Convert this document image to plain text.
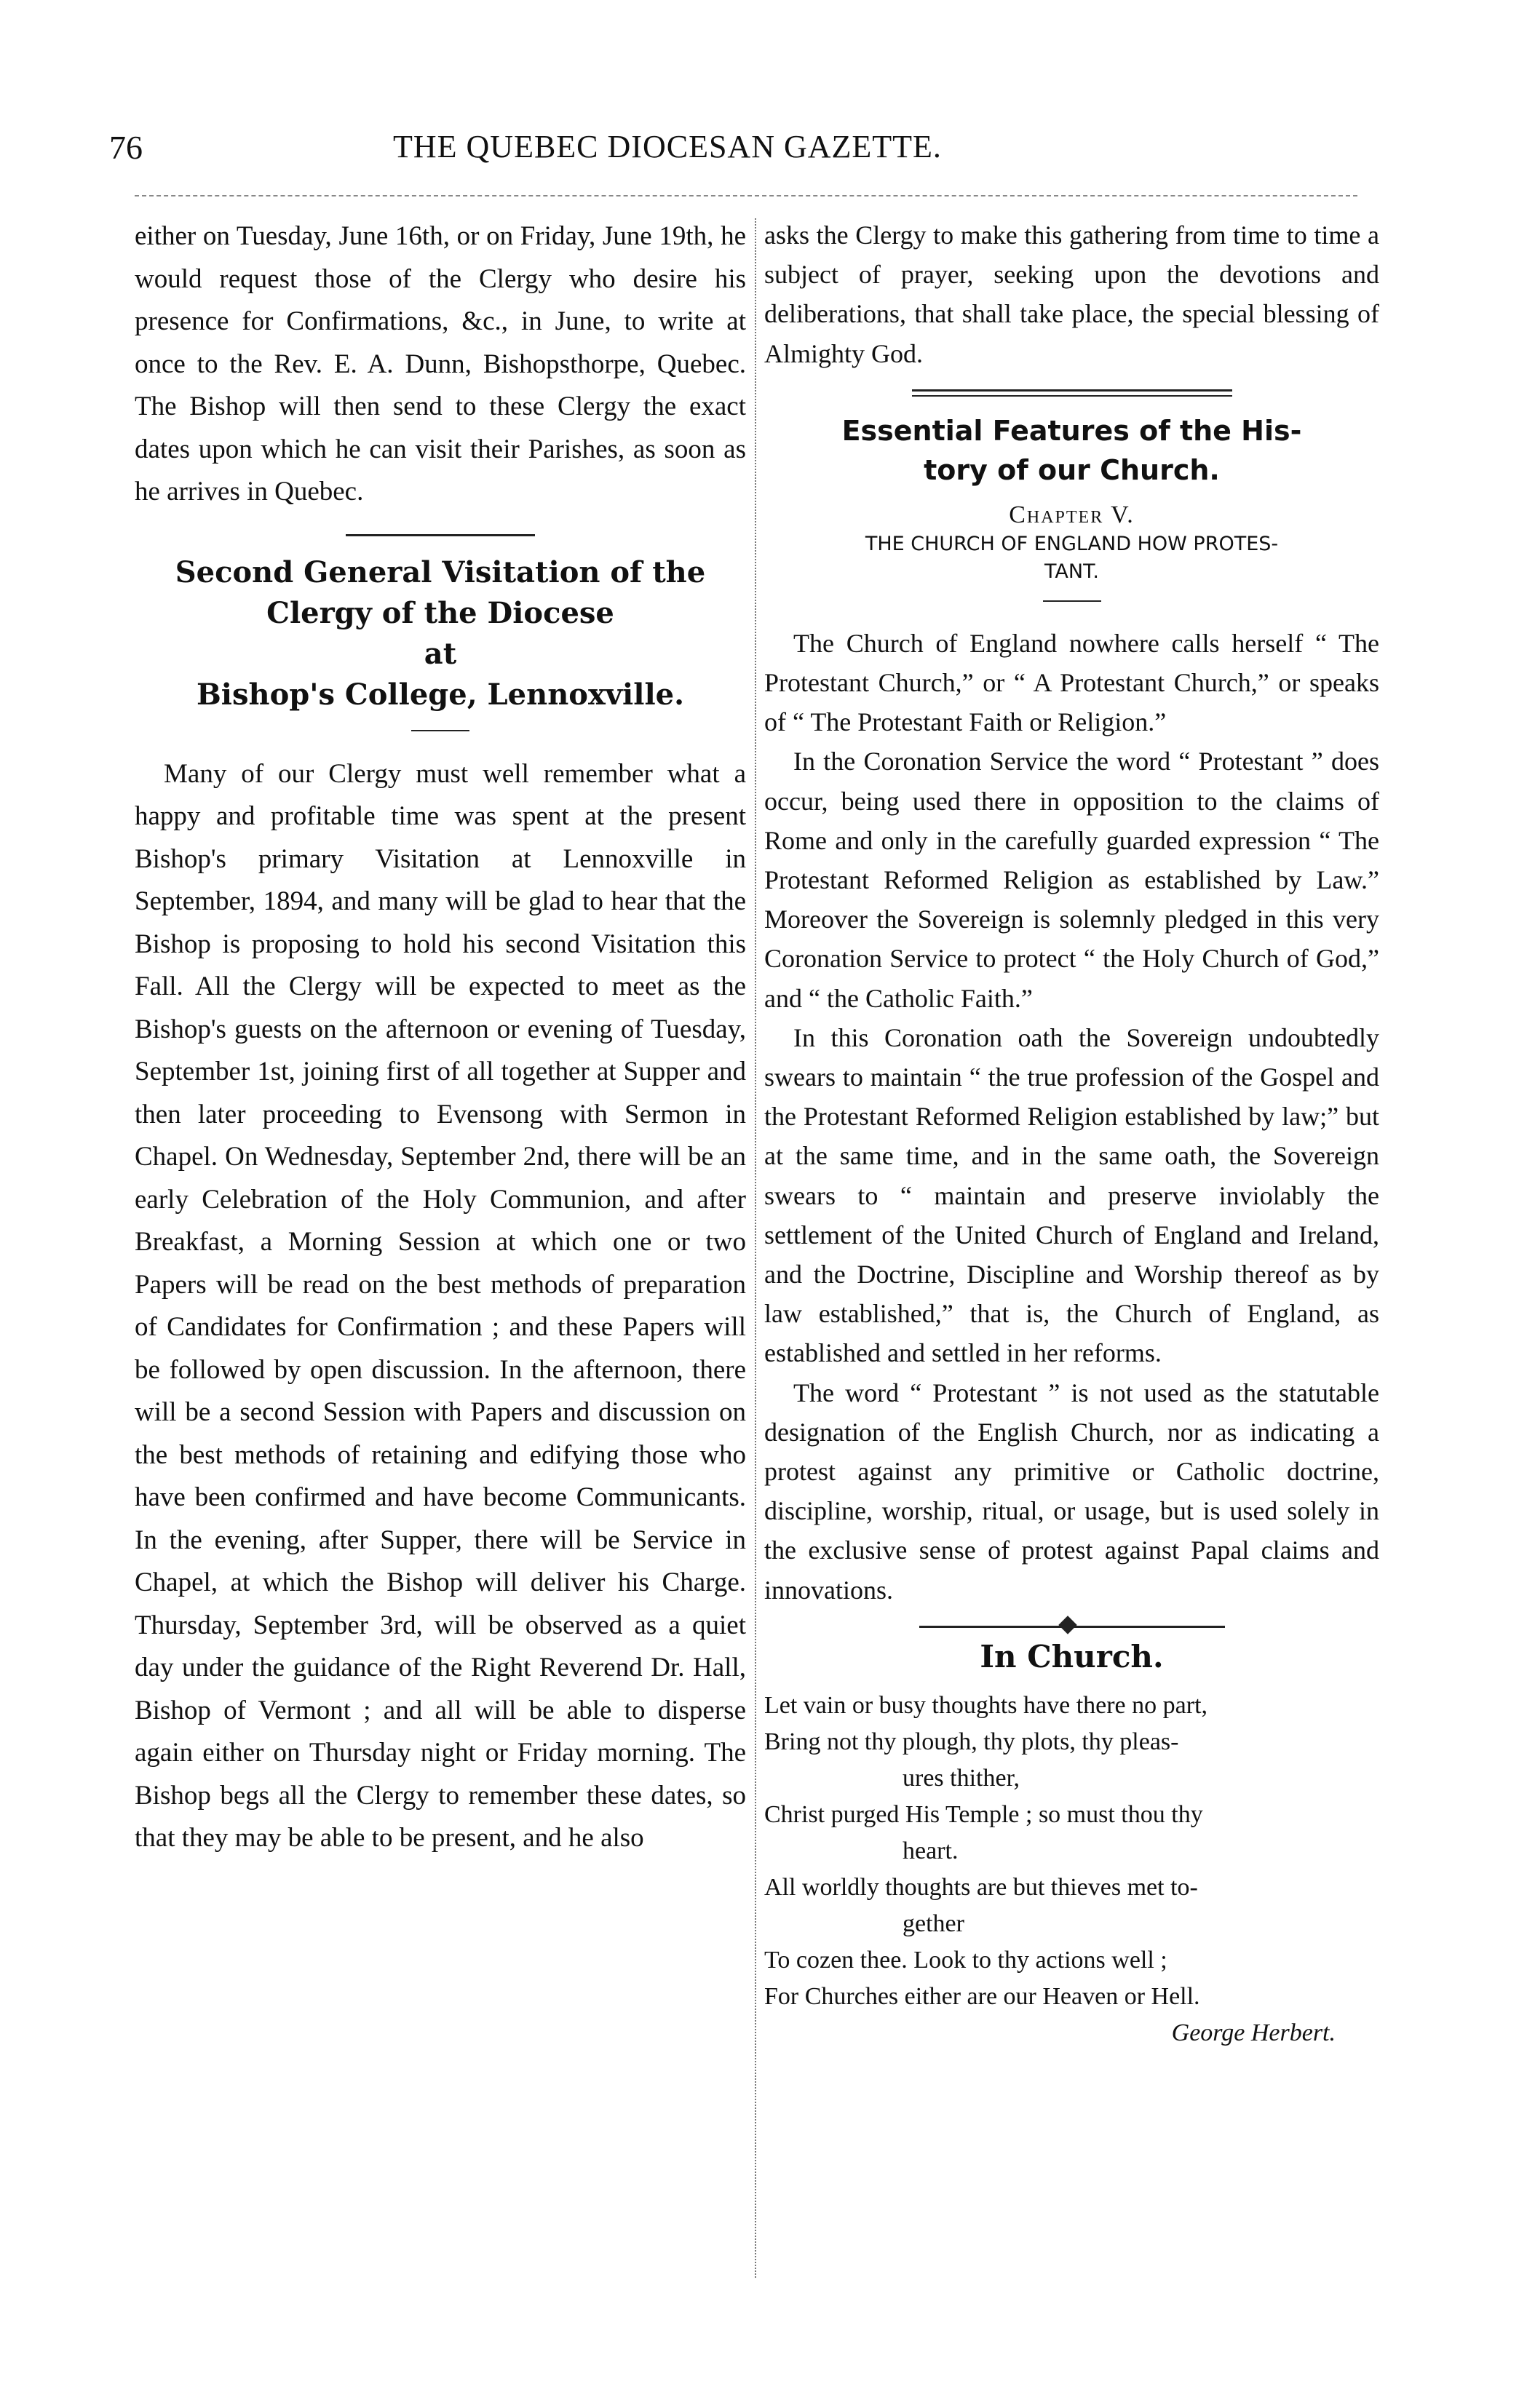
76	THE QUEBEC DIOCESAN GAZETTE.

either on Tuesday, June 16th, or on Friday, June 19th, he would request those of the Clergy who desire his presence for Confirmations, &c., in June, to write at once to the Rev. E. A. Dunn, Bishopsthorpe, Quebec. The Bishop will then send to these Clergy the exact dates upon which he can visit their Parishes, as soon as he arrives in Quebec.

Second General Visitation of the
Clergy of the Diocese
at
Bishop's College, Lennoxville.

Many of our Clergy must well remember what a happy and profitable time was spent at the present Bishop's primary Visitation at Lennoxville in September, 1894, and many will be glad to hear that the Bishop is proposing to hold his second Visitation this Fall. All the Clergy will be expected to meet as the Bishop's guests on the afternoon or evening of Tuesday, September 1st, joining first of all together at Supper and then later proceeding to Evensong with Sermon in Chapel. On Wednesday, September 2nd, there will be an early Celebration of the Holy Communion, and after Breakfast, a Morning Session at which one or two Papers will be read on the best methods of preparation of Candidates for Confirmation ; and these Papers will be followed by open discussion. In the afternoon, there will be a second Session with Papers and discussion on the best methods of retaining and edifying those who have been confirmed and have become Communicants. In the evening, after Supper, there will be Service in Chapel, at which the Bishop will deliver his Charge. Thursday, September 3rd, will be observed as a quiet day under the guidance of the Right Reverend Dr. Hall, Bishop of Vermont ; and all will be able to disperse again either on Thursday night or Friday morning. The Bishop begs all the Clergy to remember these dates, so that they may be able to be present, and he also

asks the Clergy to make this gathering from time to time a subject of prayer, seeking upon the devotions and deliberations, that shall take place, the special blessing of Almighty God.

Essential Features of the His-
tory of our Church.

Chapter V.

THE CHURCH OF ENGLAND HOW PROTES-
TANT.

The Church of England nowhere calls herself “ The Protestant Church,” or “ A Protestant Church,” or speaks of “ The Protestant Faith or Religion.”

In the Coronation Service the word “ Protestant ” does occur, being used there in opposition to the claims of Rome and only in the carefully guarded expression “ The Protestant Reformed Religion as established by Law.” Moreover the Sovereign is solemnly pledged in this very Coronation Service to protect “ the Holy Church of God,” and “ the Catholic Faith.”

In this Coronation oath the Sovereign undoubtedly swears to maintain “ the true profession of the Gospel and the Protestant Reformed Religion established by law;” but at the same time, and in the same oath, the Sovereign swears to “ maintain and preserve inviolably the settlement of the United Church of England and Ireland, and the Doctrine, Discipline and Worship thereof as by law established,” that is, the Church of England, as established and settled in her reforms.

The word “ Protestant ” is not used as the statutable designation of the English Church, nor as indicating a protest against any primitive or Catholic doctrine, discipline, worship, ritual, or usage, but is used solely in the exclusive sense of protest against Papal claims and innovations.

In Church.

Let vain or busy thoughts have there no part,

Bring not thy plough, thy plots, thy pleas-

ures thither,

Christ purged His Temple ; so must thou thy

heart.

All worldly thoughts are but thieves met to-

gether

To cozen thee. Look to thy actions well ;

For Churches either are our Heaven or Hell.

George Herbert.
